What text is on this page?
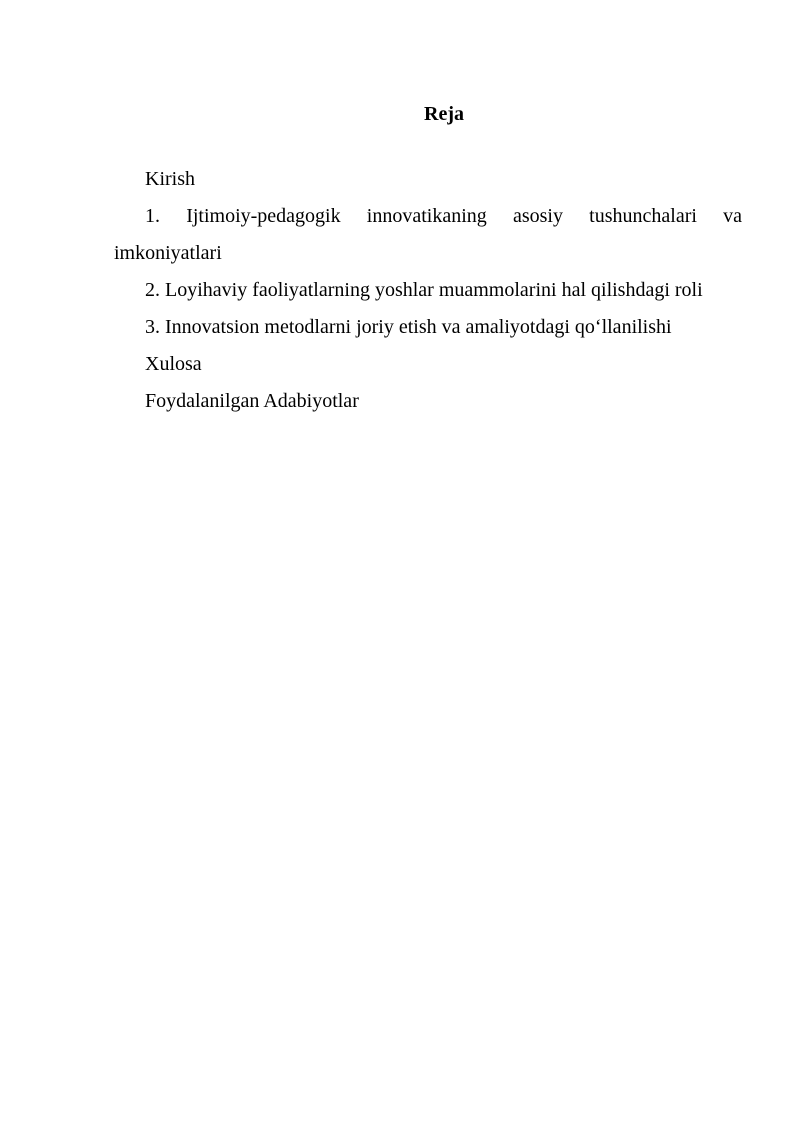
Reja

Kirish

1. Ijtimoiy-pedagogik innovatikaning asosiy tushunchalari va imkoniyatlari

2. Loyihaviy faoliyatlarning yoshlar muammolarini hal qilishdagi roli

3. Innovatsion metodlarni joriy etish va amaliyotdagi qo‘llanilishi

Xulosa

Foydalanilgan Adabiyotlar
